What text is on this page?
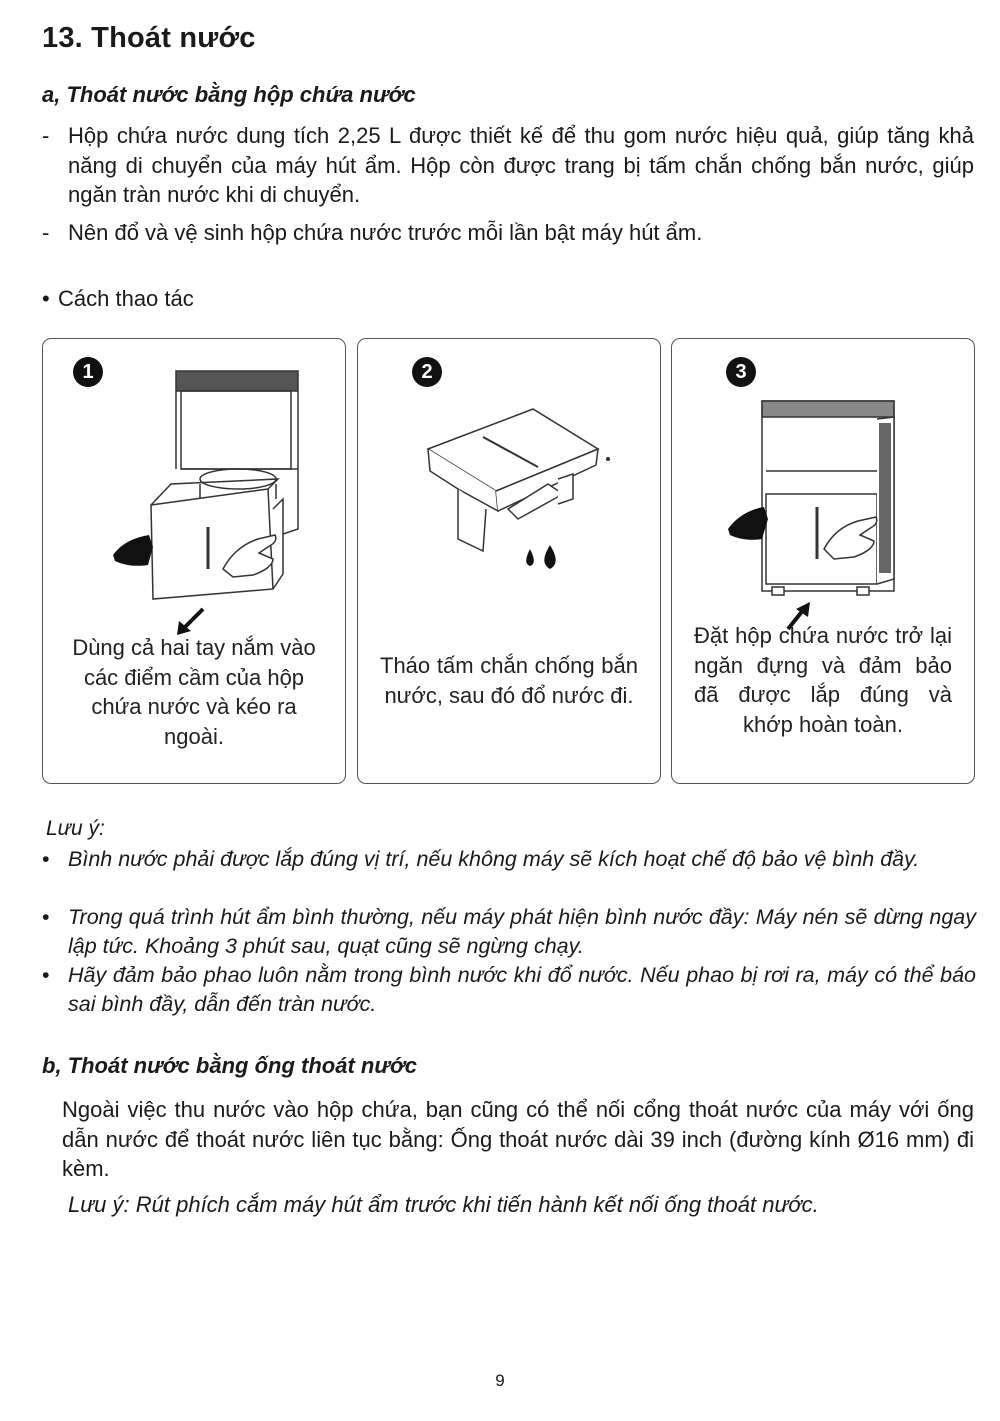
13. Thoát nước

a, Thoát nước bằng hộp chứa nước

- Hộp chứa nước dung tích 2,25 L được thiết kế để thu gom nước hiệu quả, giúp tăng khả năng di chuyển của máy hút ẩm. Hộp còn được trang bị tấm chắn chống bắn nước, giúp ngăn tràn nước khi di chuyển.
- Nên đổ và vệ sinh hộp chứa nước trước mỗi lần bật máy hút ẩm.
• Cách thao tác
1
Dùng cả hai tay nắm vào các điểm cầm của hộp chứa nước và kéo ra ngoài.
2
Tháo tấm chắn chống bắn nước, sau đó đổ nước đi.
3
Đặt hộp chứa nước trở lại ngăn đựng và đảm bảo đã được lắp đúng và khớp hoàn toàn.
Lưu ý:
• Bình nước phải được lắp đúng vị trí, nếu không máy sẽ kích hoạt chế độ bảo vệ bình đầy.
• Trong quá trình hút ẩm bình thường, nếu máy phát hiện bình nước đầy: Máy nén sẽ dừng ngay lập tức. Khoảng 3 phút sau, quạt cũng sẽ ngừng chạy.
• Hãy đảm bảo phao luôn nằm trong bình nước khi đổ nước. Nếu phao bị rơi ra, máy có thể báo sai bình đầy, dẫn đến tràn nước.

b, Thoát nước bằng ống thoát nước

Ngoài việc thu nước vào hộp chứa, bạn cũng có thể nối cổng thoát nước của máy với ống dẫn nước để thoát nước liên tục bằng: Ống thoát nước dài 39 inch (đường kính Ø16 mm) đi kèm.
Lưu ý: Rút phích cắm máy hút ẩm trước khi tiến hành kết nối ống thoát nước.
9
